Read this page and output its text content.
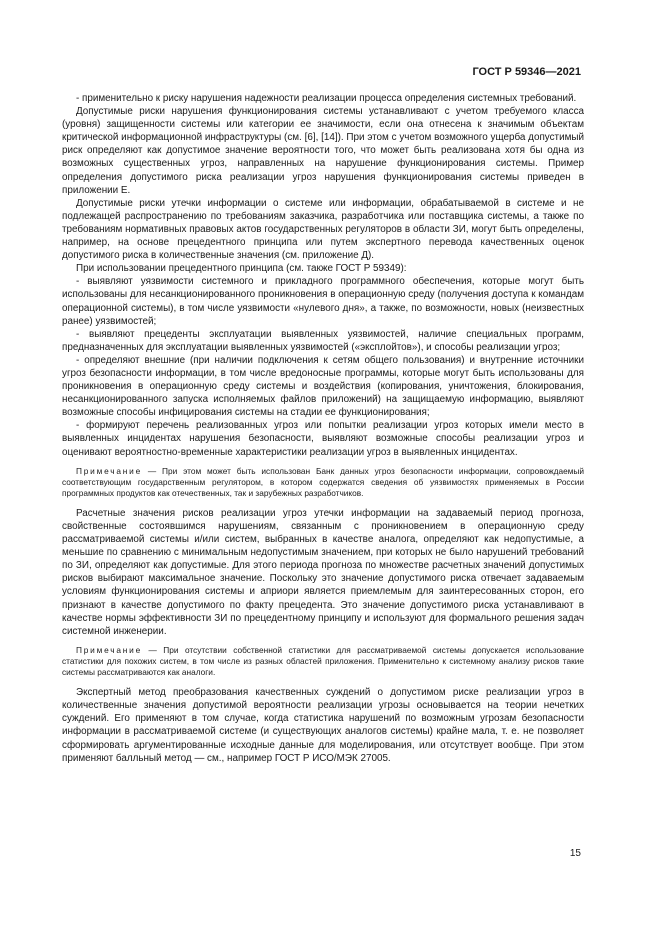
ГОСТ Р 59346—2021

- применительно к риску нарушения надежности реализации процесса определения системных требований.

Допустимые риски нарушения функционирования системы устанавливают с учетом требуемого класса (уровня) защищенности системы или категории ее значимости, если она отнесена к значимым объектам критической информационной инфраструктуры (см. [6], [14]). При этом с учетом возможного ущерба допустимый риск определяют как допустимое значение вероятности того, что может быть реализована хотя бы одна из возможных существенных угроз, направленных на нарушение функционирования системы. Пример определения допустимого риска реализации угроз нарушения функционирования системы приведен в приложении Е.

Допустимые риски утечки информации о системе или информации, обрабатываемой в системе и не подлежащей распространению по требованиям заказчика, разработчика или поставщика системы, а также по требованиям нормативных правовых актов государственных регуляторов в области ЗИ, могут быть определены, например, на основе прецедентного принципа или путем экспертного перевода качественных оценок допустимого риска в количественные значения (см. приложение Д).

При использовании прецедентного принципа (см. также ГОСТ Р 59349):

- выявляют уязвимости системного и прикладного программного обеспечения, которые могут быть использованы для несанкционированного проникновения в операционную среду (получения доступа к командам операционной системы), в том числе уязвимости «нулевого дня», а также, по возможности, новых (неизвестных ранее) уязвимостей;

- выявляют прецеденты эксплуатации выявленных уязвимостей, наличие специальных программ, предназначенных для эксплуатации выявленных уязвимостей («эксплойтов»), и способы реализации угроз;

- определяют внешние (при наличии подключения к сетям общего пользования) и внутренние источники угроз безопасности информации, в том числе вредоносные программы, которые могут быть использованы для проникновения в операционную среду системы и воздействия (копирования, уничтожения, блокирования, несанкционированного запуска исполняемых файлов приложений) на защищаемую информацию, выявляют возможные способы инфицирования системы на стадии ее функционирования;

- формируют перечень реализованных угроз или попытки реализации угроз которых имели место в выявленных инцидентах нарушения безопасности, выявляют возможные способы реализации угроз и оценивают вероятностно-временные характеристики реализации угроз в выявленных инцидентах.

Примечание — При этом может быть использован Банк данных угроз безопасности информации, сопровождаемый соответствующим государственным регулятором, в котором содержатся сведения об уязвимостях применяемых в России программных продуктов как отечественных, так и зарубежных разработчиков.

Расчетные значения рисков реализации угроз утечки информации на задаваемый период прогноза, свойственные состоявшимся нарушениям, связанным с проникновением в операционную среду рассматриваемой системы и/или систем, выбранных в качестве аналога, определяют как недопустимые, а меньшие по сравнению с минимальным недопустимым значением, при которых не было нарушений требований по ЗИ, определяют как допустимые. Для этого периода прогноза по множестве расчетных значений допустимых рисков выбирают максимальное значение. Поскольку это значение допустимого риска отвечает задаваемым условиям функционирования системы и априори является приемлемым для заинтересованных сторон, его признают в качестве допустимого по факту прецедента. Это значение допустимого риска устанавливают в качестве нормы эффективности ЗИ по прецедентному принципу и используют для формального решения задач системной инженерии.

Примечание — При отсутствии собственной статистики для рассматриваемой системы допускается использование статистики для похожих систем, в том числе из разных областей приложения. Применительно к системному анализу рисков такие системы рассматриваются как аналоги.

Экспертный метод преобразования качественных суждений о допустимом риске реализации угроз в количественные значения допустимой вероятности реализации угрозы основывается на теории нечетких суждений. Его применяют в том случае, когда статистика нарушений по возможным угрозам безопасности информации в рассматриваемой системе (и существующих аналогов системы) крайне мала, т. е. не позволяет сформировать аргументированные исходные данные для моделирования, или отсутствует вообще. При этом применяют балльный метод — см., например ГОСТ Р ИСО/МЭК 27005.

15
